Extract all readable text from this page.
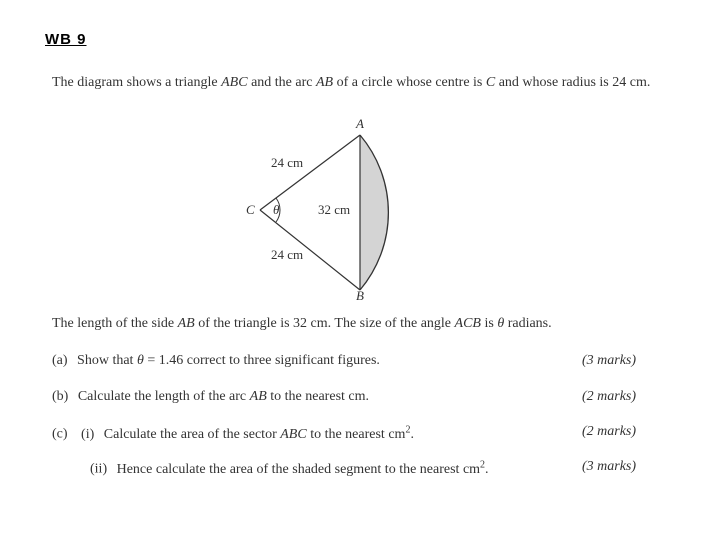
WB 9
The diagram shows a triangle ABC and the arc AB of a circle whose centre is C and whose radius is 24 cm.
A
B
C θ
24 cm
24 cm
32 cm
The length of the side AB of the triangle is 32 cm. The size of the angle ACB is θ radians.
(a) Show that θ = 1.46 correct to three significant figures.	(3 marks)
(b) Calculate the length of the arc AB to the nearest cm.	(2 marks)
(c) (i) Calculate the area of the sector ABC to the nearest $cm^2$.	(2 marks)
(ii) Hence calculate the area of the shaded segment to the nearest $cm^2$.	(3 marks)
